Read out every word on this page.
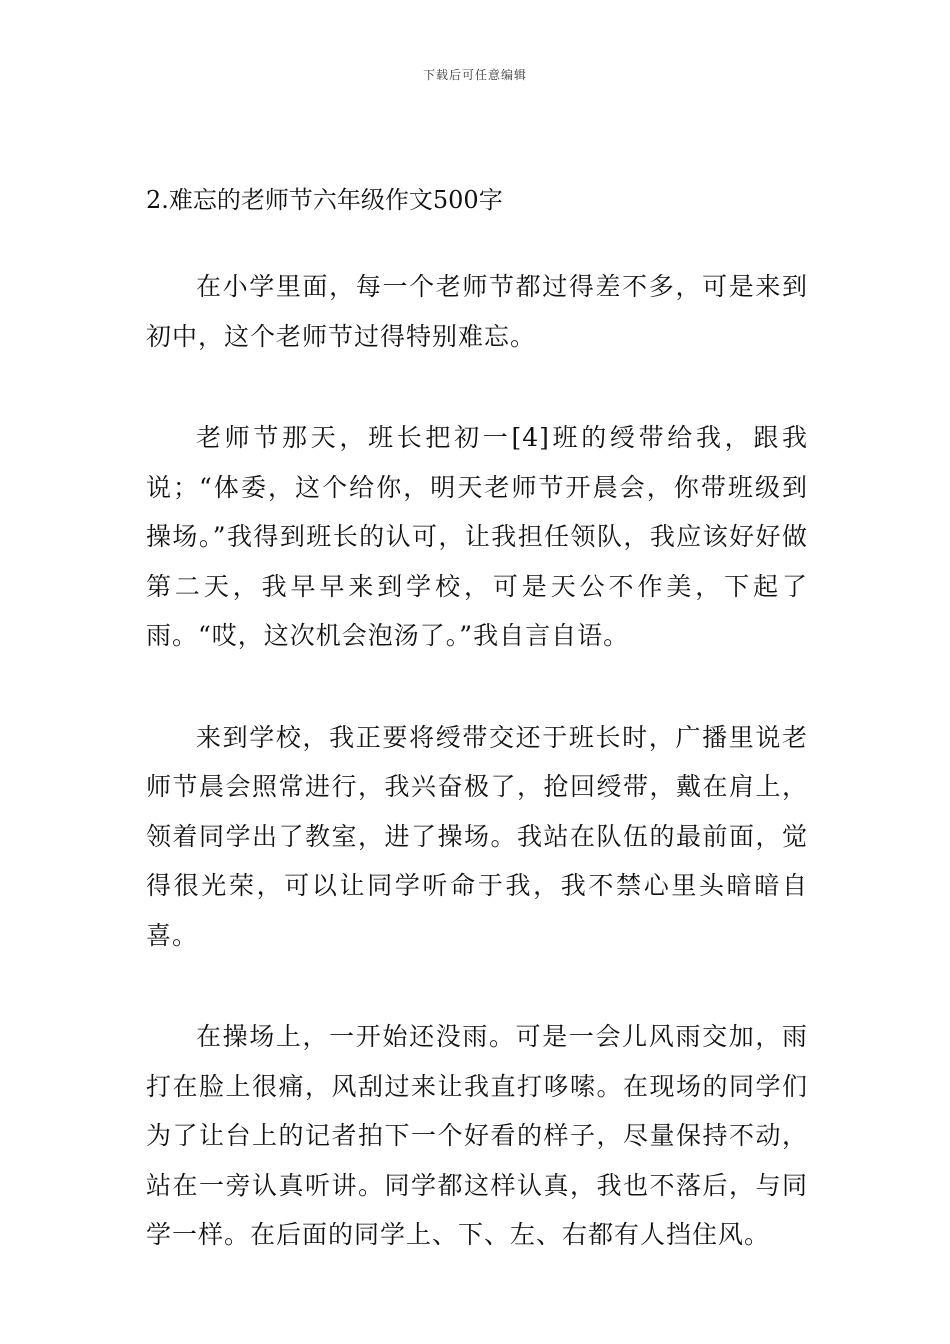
下载后可任意编辑
2.难忘的老师节六年级作文500字

在小学里面，每一个老师节都过得差不多，可是来到初中，这个老师节过得特别难忘。

老师节那天，班长把初一[4]班的绶带给我，跟我说；“体委，这个给你，明天老师节开晨会，你带班级到操场。”我得到班长的认可，让我担任领队，我应该好好做第二天，我早早来到学校，可是天公不作美，下起了雨。“哎，这次机会泡汤了。”我自言自语。

来到学校，我正要将绶带交还于班长时，广播里说老师节晨会照常进行，我兴奋极了，抢回绶带，戴在肩上，领着同学出了教室，进了操场。我站在队伍的最前面，觉得很光荣，可以让同学听命于我，我不禁心里头暗暗自喜。

在操场上，一开始还没雨。可是一会儿风雨交加，雨打在脸上很痛，风刮过来让我直打哆嗦。在现场的同学们为了让台上的记者拍下一个好看的样子，尽量保持不动，站在一旁认真听讲。同学都这样认真，我也不落后，与同学一样。在后面的同学上、下、左、右都有人挡住风。
